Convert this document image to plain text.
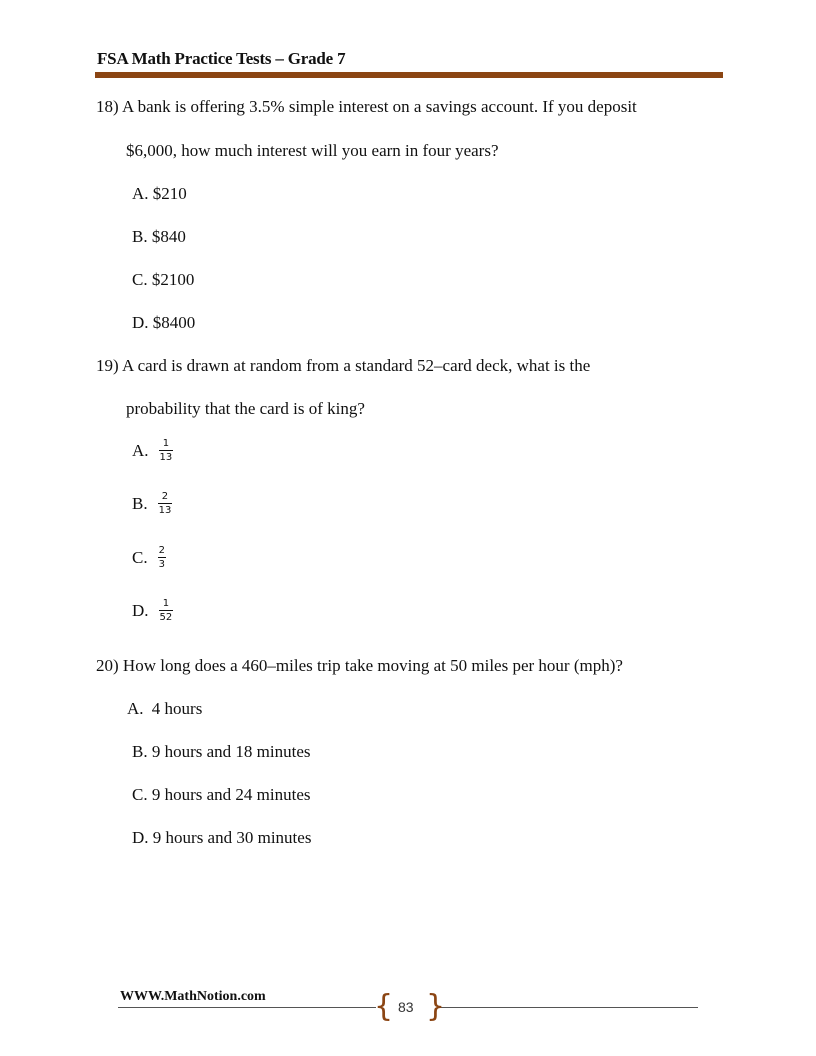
FSA Math Practice Tests – Grade 7
18) A bank is offering 3.5% simple interest on a savings account. If you deposit
$6,000, how much interest will you earn in four years?
A. $210
B. $840
C. $2100
D. $8400
19) A card is drawn at random from a standard 52–card deck, what is the
probability that the card is of king?
A. $\frac{1}{13}$
B. $\frac{2}{13}$
C. $\frac{2}{3}$
D. $\frac{1}{52}$
20) How long does a 460–miles trip take moving at 50 miles per hour (mph)?
A. 4 hours
B. 9 hours and 18 minutes
C. 9 hours and 24 minutes
D. 9 hours and 30 minutes
WWW.MathNotion.com	{ }
83
